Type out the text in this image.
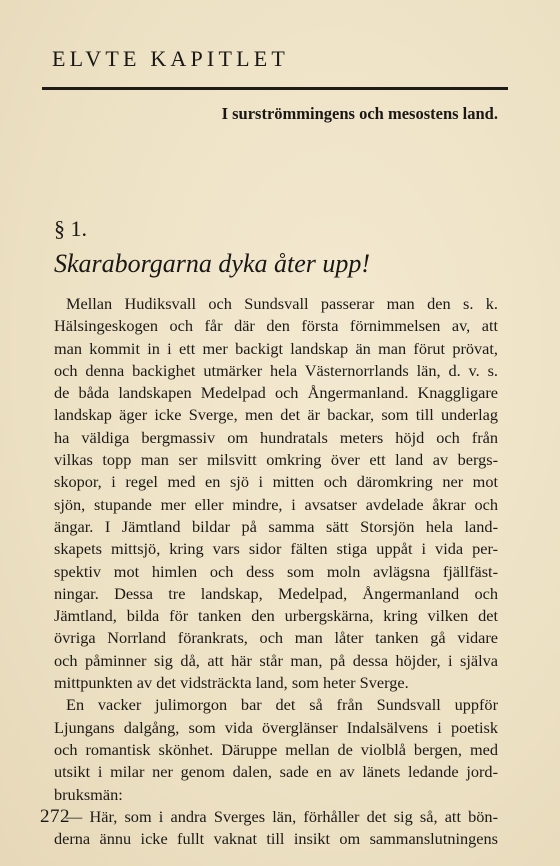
ELVTE KAPITLET
I surströmmingens och mesostens land.
§ 1.
Skaraborgarna dyka åter upp!
Mellan Hudiksvall och Sundsvall passerar man den s. k.
Hälsingeskogen och får där den första förnimmelsen av, att
man kommit in i ett mer backigt landskap än man förut prövat,
och denna backighet utmärker hela Västernorrlands län, d. v. s.
de båda landskapen Medelpad och Ångermanland. Knaggligare
landskap äger icke Sverge, men det är backar, som till underlag
ha väldiga bergmassiv om hundratals meters höjd och från
vilkas topp man ser milsvitt omkring över ett land av bergs-
skopor, i regel med en sjö i mitten och däromkring ner mot
sjön, stupande mer eller mindre, i avsatser avdelade åkrar och
ängar. I Jämtland bildar på samma sätt Storsjön hela land-
skapets mittsjö, kring vars sidor fälten stiga uppåt i vida per-
spektiv mot himlen och dess som moln avlägsna fjällfäst-
ningar. Dessa tre landskap, Medelpad, Ångermanland och
Jämtland, bilda för tanken den urbergskärna, kring vilken det
övriga Norrland förankrats, och man låter tanken gå vidare
och påminner sig då, att här står man, på dessa höjder, i själva
mittpunkten av det vidsträckta land, som heter Sverge.
En vacker julimorgon bar det så från Sundsvall uppför
Ljungans dalgång, som vida överglänser Indalsälvens i poetisk
och romantisk skönhet. Däruppe mellan de violblå bergen, med
utsikt i milar ner genom dalen, sade en av länets ledande jord-
bruksmän:
— Här, som i andra Sverges län, förhåller det sig så, att bön-
derna ännu icke fullt vaknat till insikt om sammanslutningens
272
